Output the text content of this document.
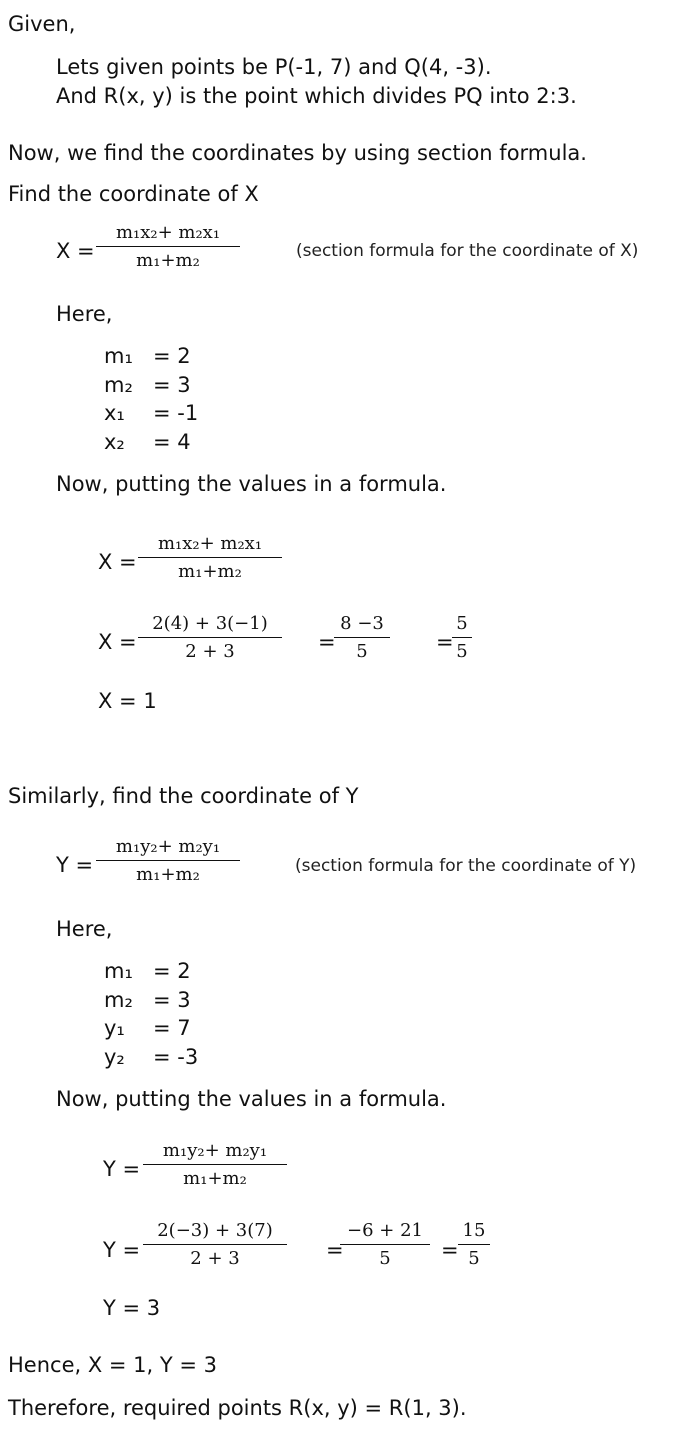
Given,
Lets given points be P(-1, 7) and Q(4, -3).
And R(x, y) is the point which divides PQ into 2:3.
Now, we find the coordinates by using section formula.
Find the coordinate of X
$X = \frac{\text{m₁x₂+ m₂x₁}}{\text{m₁+m₂}}$	(section formula for the coordinate of X)
Here,
m₁ = 2
m₂ = 3
x₁ = -1
x₂ = 4
Now, putting the values in a formula.
$X = \frac{\text{m₁x₂+ m₂x₁}}{\text{m₁+m₂}}$
$X = \frac{2(4) + 3(-1)}{2 + 3}$ =
$\frac{8 -3}{5}$ =
$\frac{5}{5}$
X = 1
Similarly, find the coordinate of Y
$Y = \frac{\text{m₁y₂+ m₂y₁}}{\text{m₁+m₂}}$	(section formula for the coordinate of Y)
Here,
m₁ = 2
m₂ = 3
y₁ = 7
y₂ = -3
Now, putting the values in a formula.
$Y = \frac{\text{m₁y₂+ m₂y₁}}{\text{m₁+m₂}}$
$Y = \frac{2(-3) + 3(7)}{2 + 3}$ =
$\frac{-6 + 21}{5} = \frac{15}{5}$
Y = 3
Hence, X = 1, Y = 3
Therefore, required points R(x, y) = R(1, 3).
